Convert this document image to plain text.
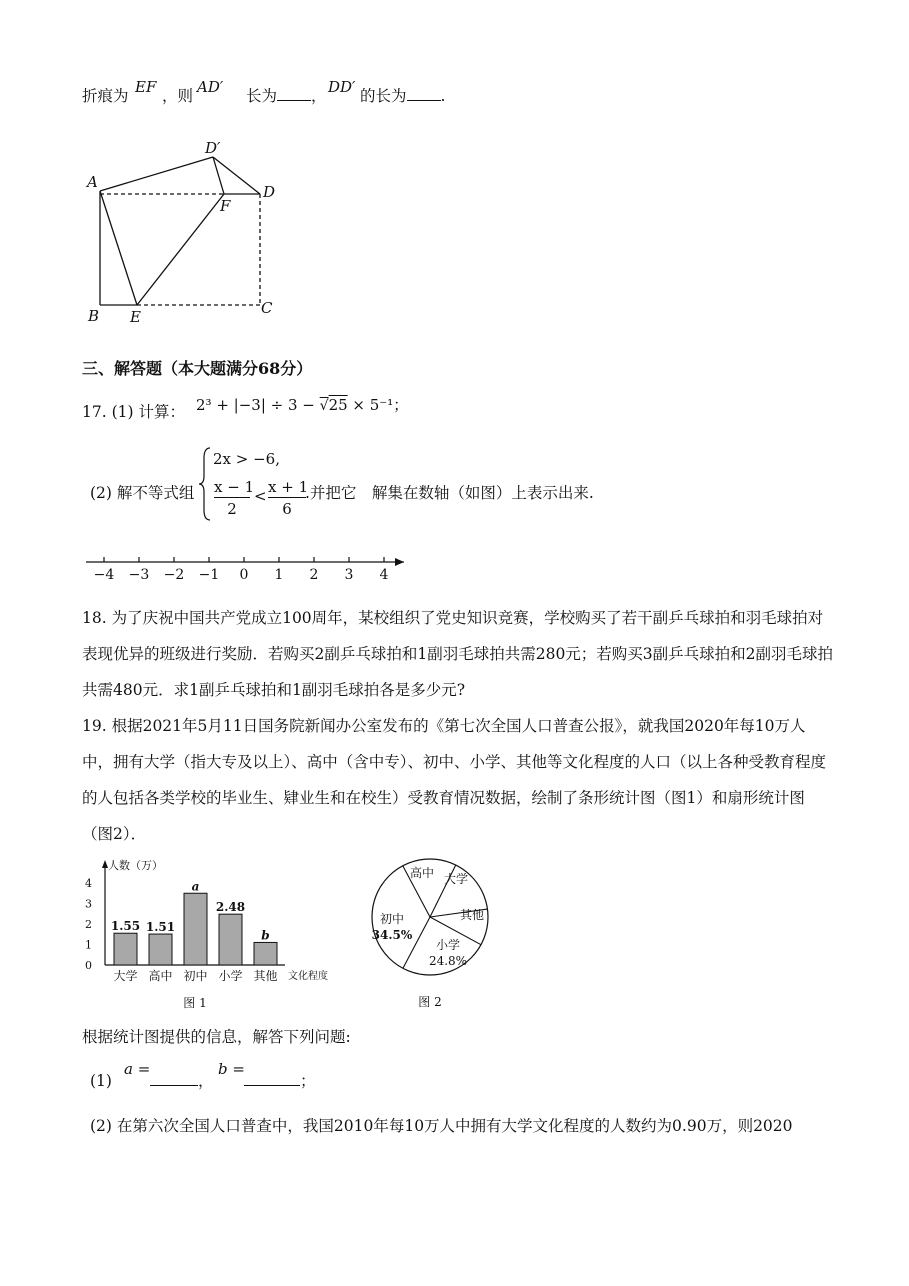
折痕为 EF ，则 AD′ 长为 ， DD′ 的长为 .
A
D′
D
F
B E	C
三、解答题（本大题满分68分）
17. (1) 计算： 2³ + |−3| ÷ 3 − √25 × 5⁻¹；
(2) 解不等式组
2x > −6,
$\frac{x - 1}{2} < \frac{x + 1}{6}$ .并把它　解集在数轴（如图）上表示出来.
−4 −3 −2 −1 0 1 2 3 4
18. 为了庆祝中国共产党成立100周年，某校组织了党史知识竞赛，学校购买了若干副乒乓球拍和羽毛球拍对表现优异的班级进行奖励．若购买2副乒乓球拍和1副羽毛球拍共需280元；若购买3副乒乓球拍和2副羽毛球拍共需480元．求1副乒乓球拍和1副羽毛球拍各是多少元?
19. 根据2021年5月11日国务院新闻办公室发布的《第七次全国人口普查公报》，就我国2020年每10万人中，拥有大学（指大专及以上）、高中（含中专）、初中、小学、其他等文化程度的人口（以上各种受教育程度的人包括各类学校的毕业生、肄业生和在校生）受教育情况数据，绘制了条形统计图（图1）和扇形统计图（图2）．
人数（万）
0
1
2
3
4
1.55
大学
1.51
高中
a
初中
2.48
小学
b
其他 文化程度
图 1
高中 大学
其他
小学
24.8%
初中
34.5%
图 2
根据统计图提供的信息，解答下列问题:
(1)
a =
，
b =
；
(2) 在第六次全国人口普查中，我国2010年每10万人中拥有大学文化程度的人数约为0.90万，则2020
